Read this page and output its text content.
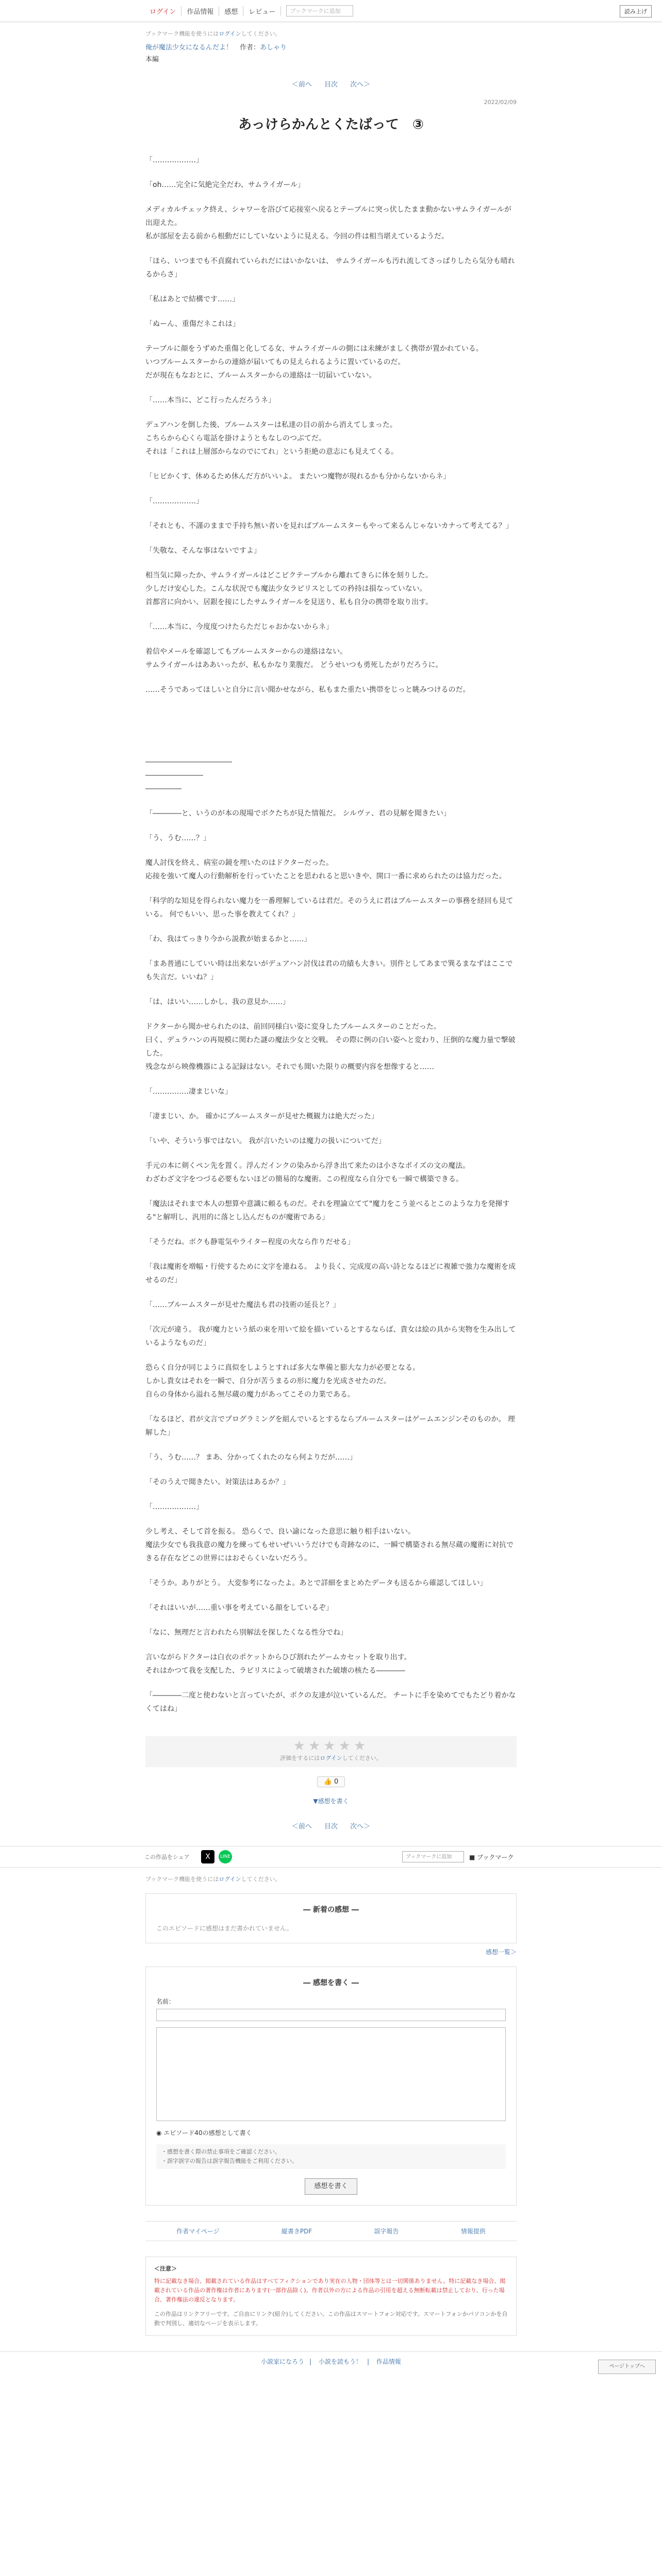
ログイン	作品情報	感想	レビュー	ブックマークに追加	読み上げ
ブックマーク機能を使うにはログインしてください。
俺が魔法少女になるんだよ！ 作者：あしゃり
本編
＜前へ 目次 次へ＞
2022/02/09
あっけらかんとくたばって　③

「………………」

「oh……完全に気絶完全だわ、サムライガール」

メディカルチェック終え、シャワーを浴びて応接室へ戻るとテーブルに突っ伏したまま動かないサムライガールが出迎えた。
私が部屋を去る前から根動だにしていないように見える。今回の件は相当堪えているようだ。

「ほら、いつまでも不貞腐れていられだにはいかないは、 サムライガールも汚れ流してさっぱりしたら気分も晴れるからさ」

「私はあとで結構です……」

「ぬーん、重傷だネこれは」

テーブルに顔をうずめた重傷と化してる女、サムライガールの側には未練がましく携帯が置かれている。
いつブルームスターからの連絡が届いてもの見えられるように置いているのだ。
だが現在もなおとに、ブルームスターからの連絡は一切届いていない。

「……本当に、どこ行ったんだろうネ」

デュアハンを倒した後、ブルームスターは私達の目の前から消えてしまった。
こちらから心くら電話を掛けようともなしのつぶてだ。
それは「これは上層部からなのでにてれ」という拒絶の意志にも見えてくる。

「ヒビかくす、休めるため休んだ方がいいよ。 またいつ魔物が現れるかも分からないからネ」

「………………」

「それとも、不謹のままで手持ち無い者いを見ればブルームスターもやって来るんじゃないカナって考えてる？」

「失敬な、そんな事はないですよ」

相当気に障ったか、サムライガールはどこピクテーブルから離れてきらに体を刻りした。
少しだけ安心した。こんな状況でも魔法少女ラピリスとしての矜持は損なっていない。
首都宮に向かい、居銀を接にしたサムライガールを見送り、私も自分の携帯を取り出す。

「……本当に、今度度つけたらただじゃおかないからネ」

着信やメールを確認してもブルームスターからの連絡はない。
サムライガールはああいったが、私もかなり業腹だ。 どうせいつも勇死したがりだろうに。

……そうであってほしいと自分に言い聞かせながら、私もまた重たい携帯をじっと眺みつけるのだ。

――――――――――――
――――――――
―――――

「――――と、いうのが本の現場でボクたちが見た情報だ。 シルヴァ、君の見解を聞きたい」

「う、うむ……？」

魔人討伐を終え、病室の鏡を埋いたのはドクターだった。
応接を強いて魔人の行動解析を行っていたことを思われると思いきや、開口一番に求められたのは協力だった。

「科学的な知見を得られない魔力を一番理解しているは君だ。そのうえに君はブルームスターの事務を経回も見ている。 何でもいい、思った事を教えてくれ？」

「わ、我はてっきり今から説教が始まるかと……」

「まあ普通にしていい時は出来ないがデュアハン討伐は君の功績も大きい。別件としてあまで巽るまなずはここでも失言だ。いいね？」

「は、はいい……しかし、我の意見か……」

ドクターから聞かせられたのは、前回同様白い姿に変身したブルームスターのことだった。
曰く、デュラハンの再規模に関わた謎の魔法少女と交戦。 その際に例の白い姿へと変わり、圧倒的な魔力量で撃破した。
残念ながら映像機器による記録はない。それでも聞いた限りの概要内容を想像すると……

「……………凄まじいな」

「凄まじい、か。 確かにブルームスターが見せた概観力は絶大だった」

「いや、そういう事ではない。 我が言いたいのは魔力の扱いについてだ」

手元の本に剣くペン先を置く。浮んだインクの染みから浮き出て来たのは小さなポイズの文の魔法。
わざわざ文字をつづる必要もないほどの簡易的な魔術。この程度なら自分でも一瞬で構築できる。

「魔法はそれまで本人の想算や意識に頼るものだ。それを理論立てて"魔力をこう並べるとこのような力を発揮する"と解明し、汎用的に落とし込んだものが魔術である」

「そうだね。ボクも静電気やライター程度の火なら作りだせる」

「我は魔術を増幅・行使するために文字を連ねる。 より長く、完成度の高い詩となるほどに複雑で強力な魔術を成せるのだ」

「……ブルームスターが見せた魔法も君の技術の延長と？」

「次元が違う。 我が魔力という紙の束を用いて絵を描いているとするならば、貴女は絵の具から実物を生み出しているようなものだ」

恐らく自分が同じように真似をしようとすれば多大な準備と膨大な力が必要となる。
しかし貴女はそれを一瞬で、自分が苦うまるの形に魔力を光成させたのだ。
自らの身体から溢れる無尽蔵の魔力があってこその力業である。

「なるほど、君が文言でプログラミングを組んでいるとするならブルームスターはゲームエンジンそのものか。 理解した」

「う、うむ……？ まあ、分かってくれたのなら何よりだが……」

「そのうえで聞きたい、対策法はあるか？」

「………………」

少し考え、そして首を振る。 恐らくで、良い諭になった意思に触り相手はいない。
魔法少女でも我我意の魔力を練ってもせいぜいいうだけでも奇跡なのに、一瞬で構築される無尽蔵の魔術に対抗できる存在などこの世界にはおそらくいないだろう。

「そうか。ありがとう。 大変参考になったよ。あとで詳細をまとめたデータも送るから確認してほしい」

「それはいいが……重い事を考えている顔をしているぞ」

「なに、無理だと言われたら別解法を探したくなる性分でね」

言いながらドクターは白衣のポケットからひび割れたゲームカセットを取り出す。
それはかつて我を支配した、ラピリスによって破壊された破壊の核たる――――

「――――二度と使わないと言っていたが、ボクの友達が泣いているんだ。 チートに手を染めてでもたどり着かなくてはね」

★★★★★
評価をするにはログインしてください。
👍 0
▼感想を書く
＜前へ 目次 次へ＞
この作品をシェア	X	LINE	ブックマークに追加	■ ブックマーク
ブックマーク機能を使うにはログインしてください。
― 新着の感想 ―
このエピソードに感想はまだ書かれていません。
感想一覧＞
― 感想を書く ―
名前：
◉ エピソード40の感想として書く
・感想を書く際の禁止事項をご確認ください。
・誤字誤字の報告は誤字報告機能をご利用ください。
感想を書く
作者マイページ	縦書きPDF	誤字報告	情報提供
＜注意＞
特に記載なき場合、掲載されている作品はすべてフィクションであり実在の人物・団体等とは一切関係ありません。特に記載なき場合、掲載されている作品の著作権は作者にあります(一部作品除く)。作者以外の方による作品の引用を超える無断転載は禁止しており、行った場合、著作権法の違反となります。
この作品はリンクフリーです。ご自由にリンク(紹介)してください。この作品はスマートフォン対応です。スマートフォンかパソコンかを自動で判別し、適切なページを表示します。
小説家になろう | 小説を読もう！ | 作品情報
ページトップへ
